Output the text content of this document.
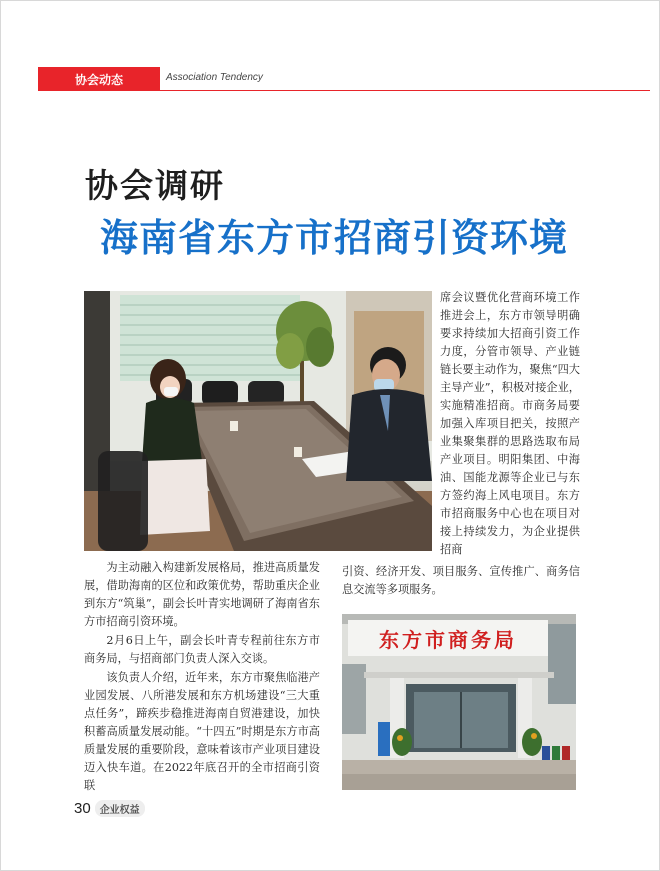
协会动态	Association Tendency
协会调研
海南省东方市招商引资环境
席会议暨优化营商环境工作推进会上，东方市领导明确要求持续加大招商引资工作力度，分管市领导、产业链链长要主动作为，聚焦“四大主导产业”，积极对接企业，实施精准招商。市商务局要加强入库项目把关，按照产业集聚集群的思路选取布局产业项目。明阳集团、中海油、国能龙源等企业已与东方签约海上风电项目。东方市招商服务中心也在项目对接上持续发力，为企业提供招商
引资、经济开发、项目服务、宣传推广、商务信息交流等多项服务。

为主动融入构建新发展格局，推进高质量发展，借助海南的区位和政策优势，帮助重庆企业到东方“筑巢”，副会长叶青实地调研了海南省东方市招商引资环境。

2月6日上午，副会长叶青专程前往东方市商务局，与招商部门负责人深入交谈。

该负责人介绍，近年来，东方市聚焦临港产业园发展、八所港发展和东方机场建设“三大重点任务”，蹄疾步稳推进海南自贸港建设，加快积蓄高质量发展动能。“十四五”时期是东方市高质量发展的重要阶段，意味着该市产业项目建设迈入快车道。在2022年底召开的全市招商引资联

东方市商务局
30 企业权益
